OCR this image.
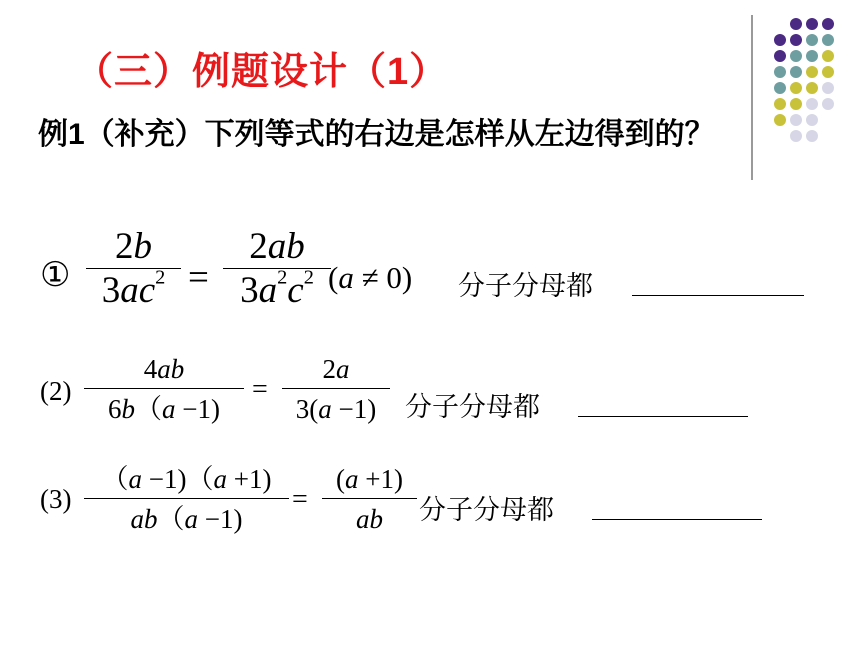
（三）例题设计（1）
例1（补充）下列等式的右边是怎样从左边得到的？
①
2b
$3ac^2$ =
2ab
$3a^2c^2$ (a ≠ 0) 分子分母都
(2)
4ab
6b（a −1)
=
2a
3(a −1)	分子分母都
(3)
（a −1)（a +1)
ab（a −1)
=
(a +1)
ab	分子分母都
